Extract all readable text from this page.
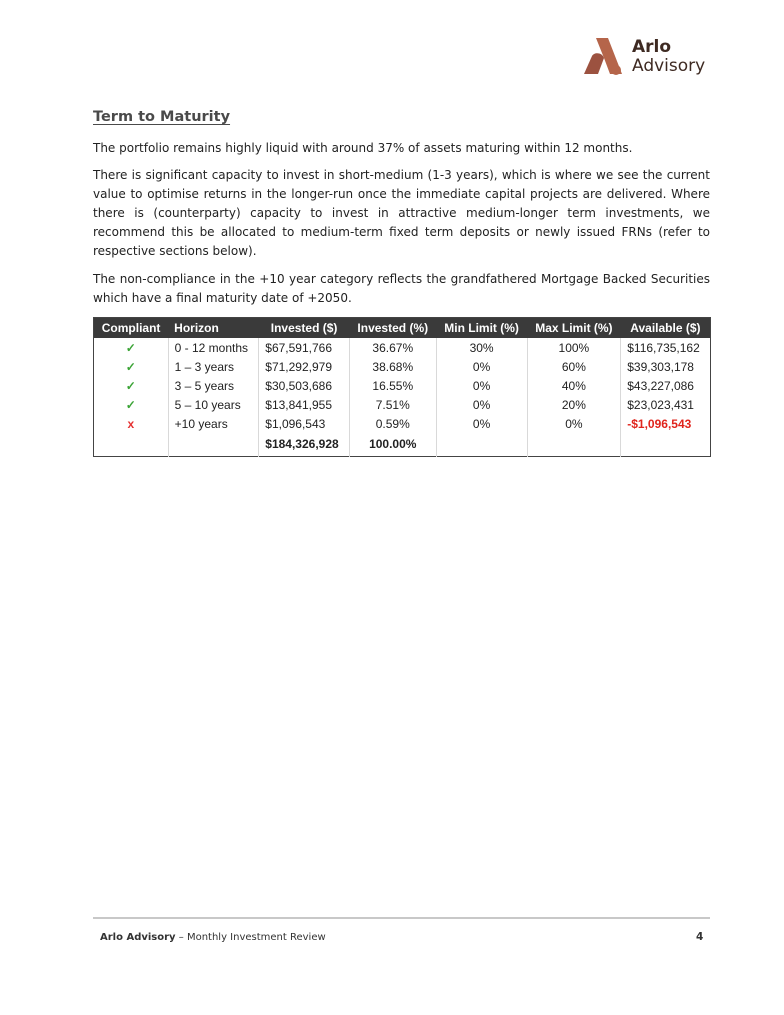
Arlo
Advisory
Term to Maturity

The portfolio remains highly liquid with around 37% of assets maturing within 12 months.

There is significant capacity to invest in short-medium (1-3 years), which is where we see the current value to optimise returns in the longer-run once the immediate capital projects are delivered. Where there is (counterparty) capacity to invest in attractive medium-longer term investments, we recommend this be allocated to medium-term fixed term deposits or newly issued FRNs (refer to respective sections below).

The non-compliance in the +10 year category reflects the grandfathered Mortgage Backed Securities which have a final maturity date of +2050.

Compliant	Horizon	Invested ($)	Invested (%)	Min Limit (%)	Max Limit (%)	Available ($)
✓	0 - 12 months	$67,591,766	36.67%	30%	100%	$116,735,162
✓	1 – 3 years	$71,292,979	38.68%	0%	60%	$39,303,178
✓	3 – 5 years	$30,503,686	16.55%	0%	40%	$43,227,086
✓	5 – 10 years	$13,841,955	7.51%	0%	20%	$23,023,431
x	+10 years	$1,096,543	0.59%	0%	0%	-$1,096,543
		$184,326,928	100.00%			
Arlo Advisory – Monthly Investment Review	4
